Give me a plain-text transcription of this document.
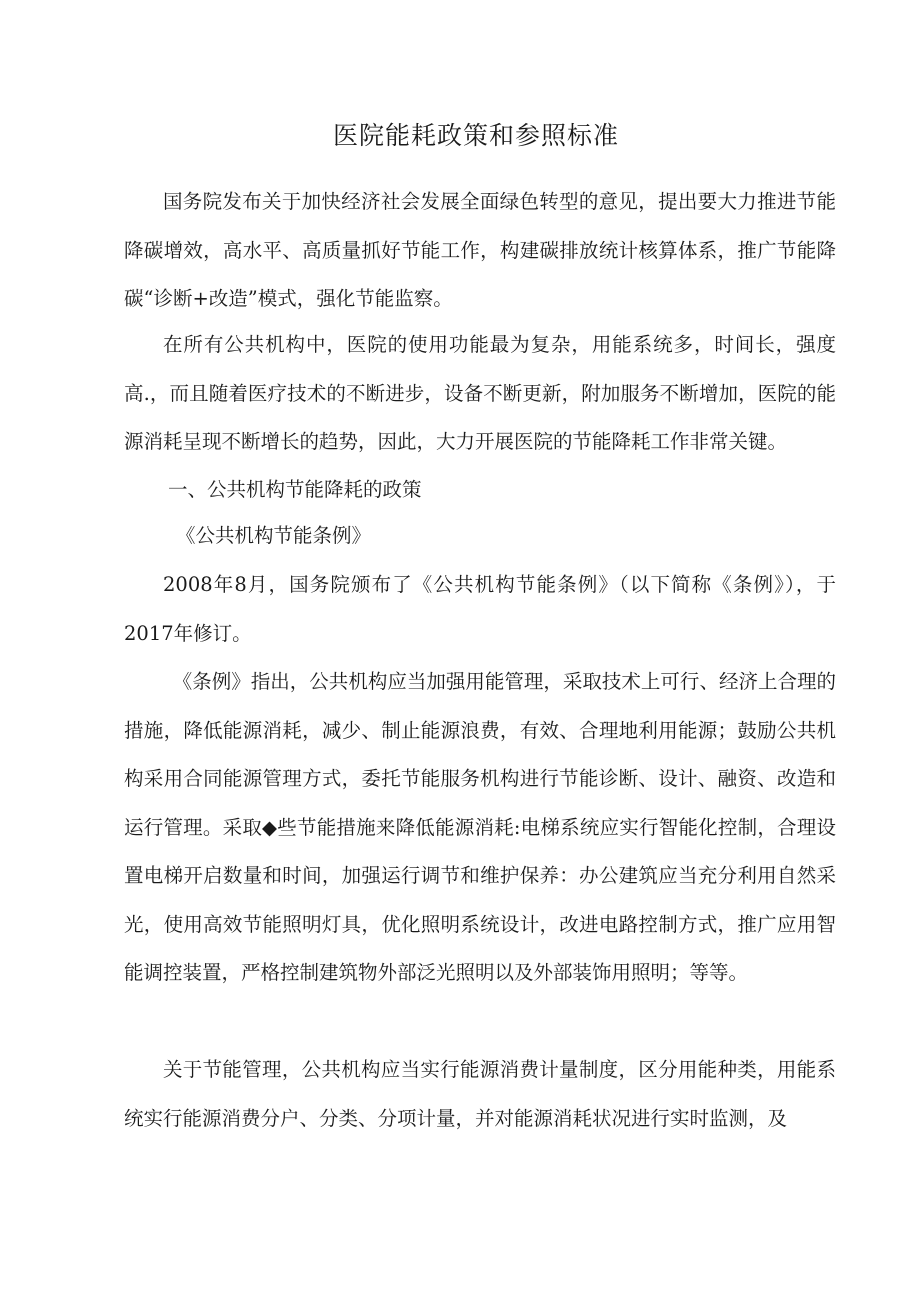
医院能耗政策和参照标准
国务院发布关于加快经济社会发展全面绿色转型的意见，提出要大力推进节能降碳增效，高水平、高质量抓好节能工作，构建碳排放统计核算体系，推广节能降碳“诊断+改造”模式，强化节能监察。
在所有公共机构中，医院的使用功能最为复杂，用能系统多，时间长，强度高.，而且随着医疗技术的不断进步，设备不断更新，附加服务不断增加，医院的能源消耗呈现不断增长的趋势，因此，大力开展医院的节能降耗工作非常关键。
一、公共机构节能降耗的政策
《公共机构节能条例》
2008年8月，国务院颁布了《公共机构节能条例》（以下简称《条例》），于2017年修订。
《条例》指出，公共机构应当加强用能管理，采取技术上可行、经济上合理的措施，降低能源消耗，减少、制止能源浪费，有效、合理地利用能源；鼓励公共机构采用合同能源管理方式，委托节能服务机构进行节能诊断、设计、融资、改造和运行管理。采取◆些节能措施来降低能源消耗:电梯系统应实行智能化控制，合理设置电梯开启数量和时间，加强运行调节和维护保养：办公建筑应当充分利用自然采光，使用高效节能照明灯具，优化照明系统设计，改进电路控制方式，推广应用智能调控装置，严格控制建筑物外部泛光照明以及外部装饰用照明；等等。
关于节能管理，公共机构应当实行能源消费计量制度，区分用能种类，用能系统实行能源消费分户、分类、分项计量，并对能源消耗状况进行实时监测，及
